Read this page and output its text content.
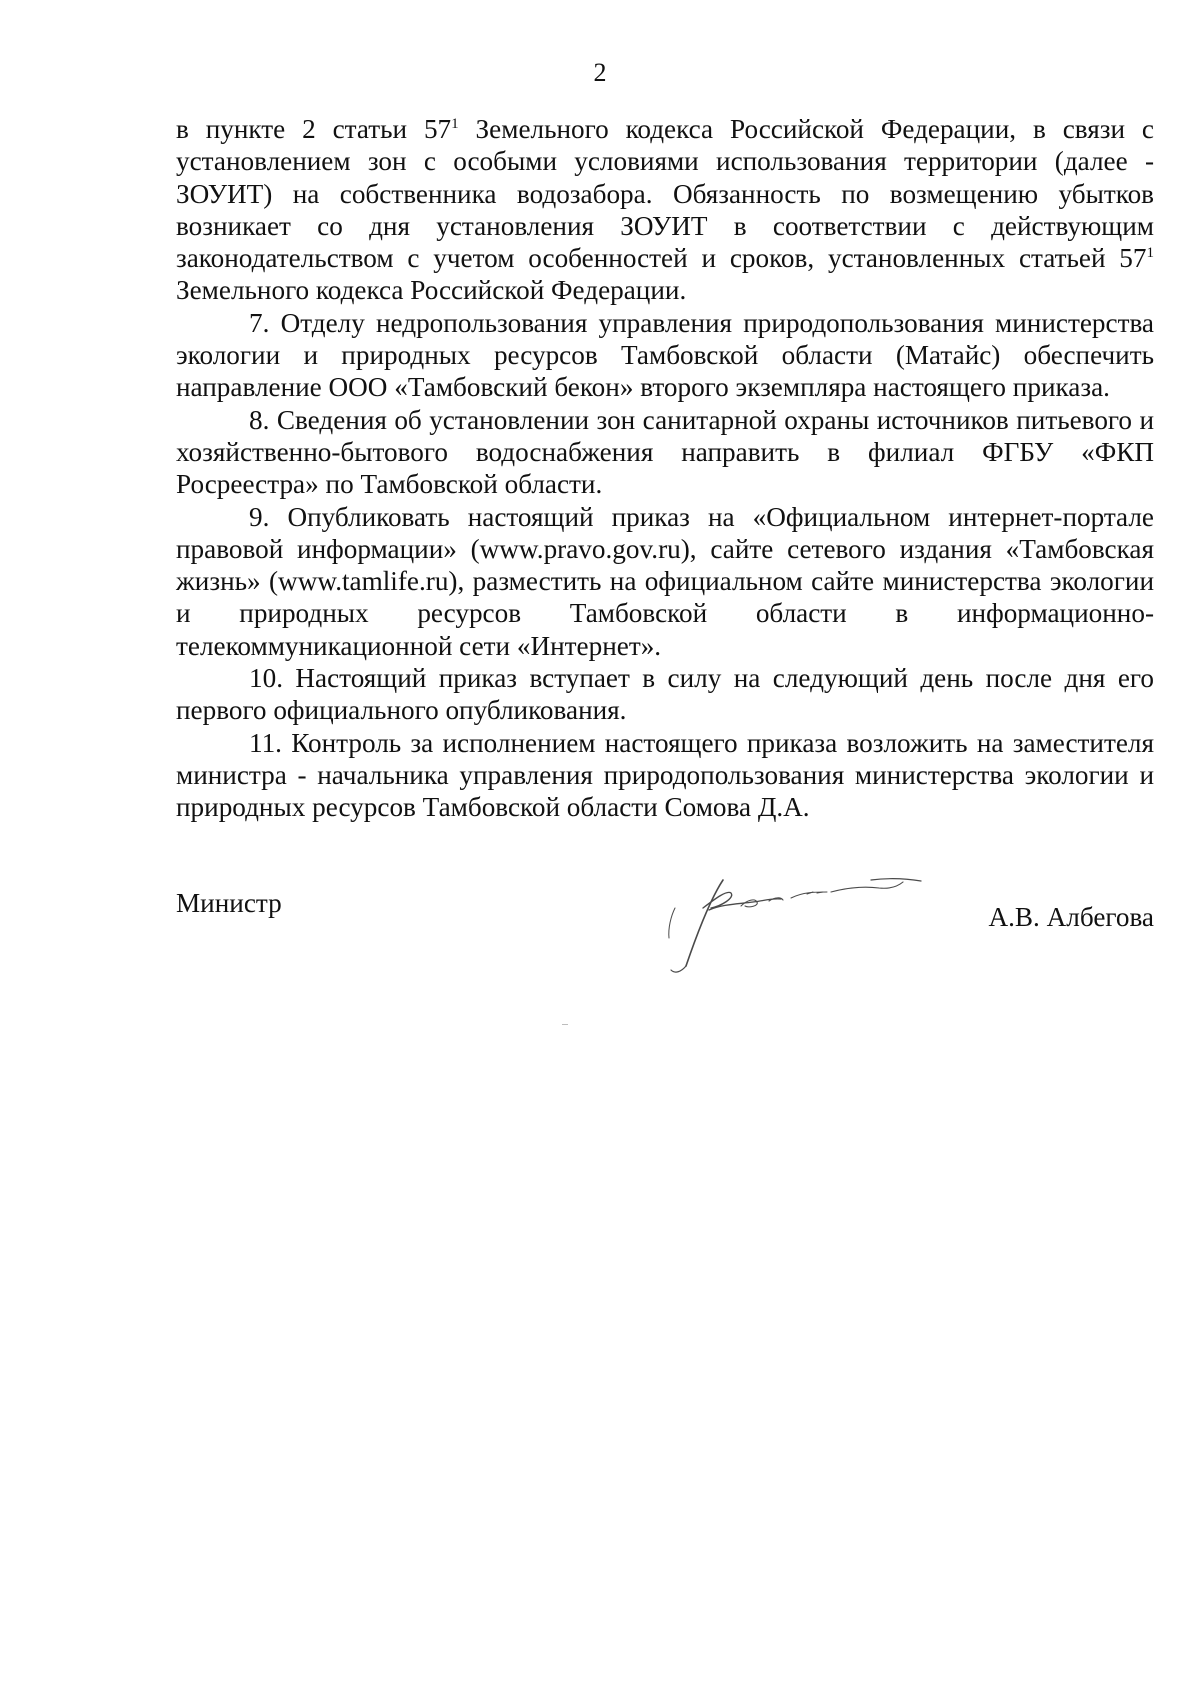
2

в пункте 2 статьи $57^1$ Земельного кодекса Российской Федерации, в связи с установлением зон с особыми условиями использования территории (далее - ЗОУИТ) на собственника водозабора. Обязанность по возмещению убытков возникает со дня установления ЗОУИТ в соответствии с действующим законодательством с учетом особенностей и сроков, установленных статьей $57^1$ Земельного кодекса Российской Федерации.

7. Отделу недропользования управления природопользования министерства экологии и природных ресурсов Тамбовской области (Матайс) обеспечить направление ООО «Тамбовский бекон» второго экземпляра настоящего приказа.

8. Сведения об установлении зон санитарной охраны источников питьевого и хозяйственно-бытового водоснабжения направить в филиал ФГБУ «ФКП Росреестра» по Тамбовской области.

9. Опубликовать настоящий приказ на «Официальном интернет-портале правовой информации» (www.pravo.gov.ru), сайте сетевого издания «Тамбовская жизнь» (www.tamlife.ru), разместить на официальном сайте министерства экологии и природных ресурсов Тамбовской области в информационно-телекоммуникационной сети «Интернет».

10. Настоящий приказ вступает в силу на следующий день после дня его первого официального опубликования.

11. Контроль за исполнением настоящего приказа возложить на заместителя министра - начальника управления природопользования министерства экологии и природных ресурсов Тамбовской области Сомова Д.А.

Министр	А.В. Албегова
